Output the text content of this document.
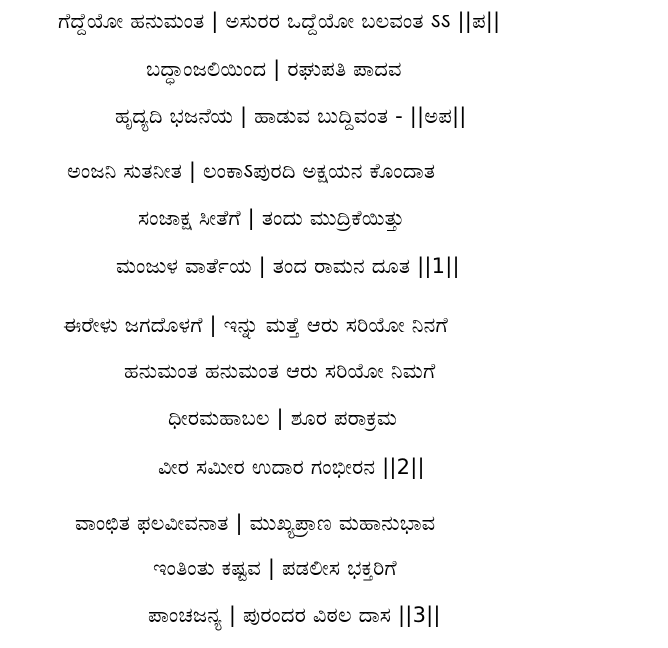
ಗೆದ್ದೆಯೋ ಹನುಮಂತ | ಅಸುರರ ಒದ್ದೆಯೋ ಬಲವಂತ ऽऽ ||ಪ||
ಬದ್ಧಾಂಜಲಿಯಿಂದ | ರಘುಪತಿ ಪಾದವ
ಹೃದ್ಯದಿ ಭಜನೆಯ | ಹಾಡುವ ಬುದ್ದಿವಂತ - ||ಅಪ||
ಅಂಜನಿ ಸುತನೀತ | ಲಂಕಾऽಪುರದಿ ಅಕ್ಷಯನ ಕೊಂದಾತ
ಸಂಜಾಕ್ಷ ಸೀತೆಗೆ | ತಂದು ಮುದ್ರಿಕೆಯಿತ್ತು
ಮಂಜುಳ ವಾರ್ತೆಯ | ತಂದ ರಾಮನ ದೂತ ||1||
ಈರೇಳು ಜಗದೊಳಗೆ | ಇನ್ನು ಮತ್ತೆ ಆರು ಸರಿಯೋ ನಿನಗೆ
ಹನುಮಂತ ಹನುಮಂತ ಆರು ಸರಿಯೋ ನಿಮಗೆ
ಧೀರಮಹಾಬಲ | ಶೂರ ಪರಾಕ್ರಮ
ವೀರ ಸಮೀರ ಉದಾರ ಗಂಭೀರನ ||2||
ವಾಂಛಿತ ಫಲವೀವನಾತ | ಮುಖ್ಯಪ್ರಾಣ ಮಹಾನುಭಾವ
ಇಂತಿಂತು ಕಷ್ಟವ | ಪಡಲೀಸ ಭಕ್ತರಿಗೆ
ಪಾಂಚಜನ್ಯ | ಪುರಂದರ ವಿಠಲ ದಾಸ ||3||
